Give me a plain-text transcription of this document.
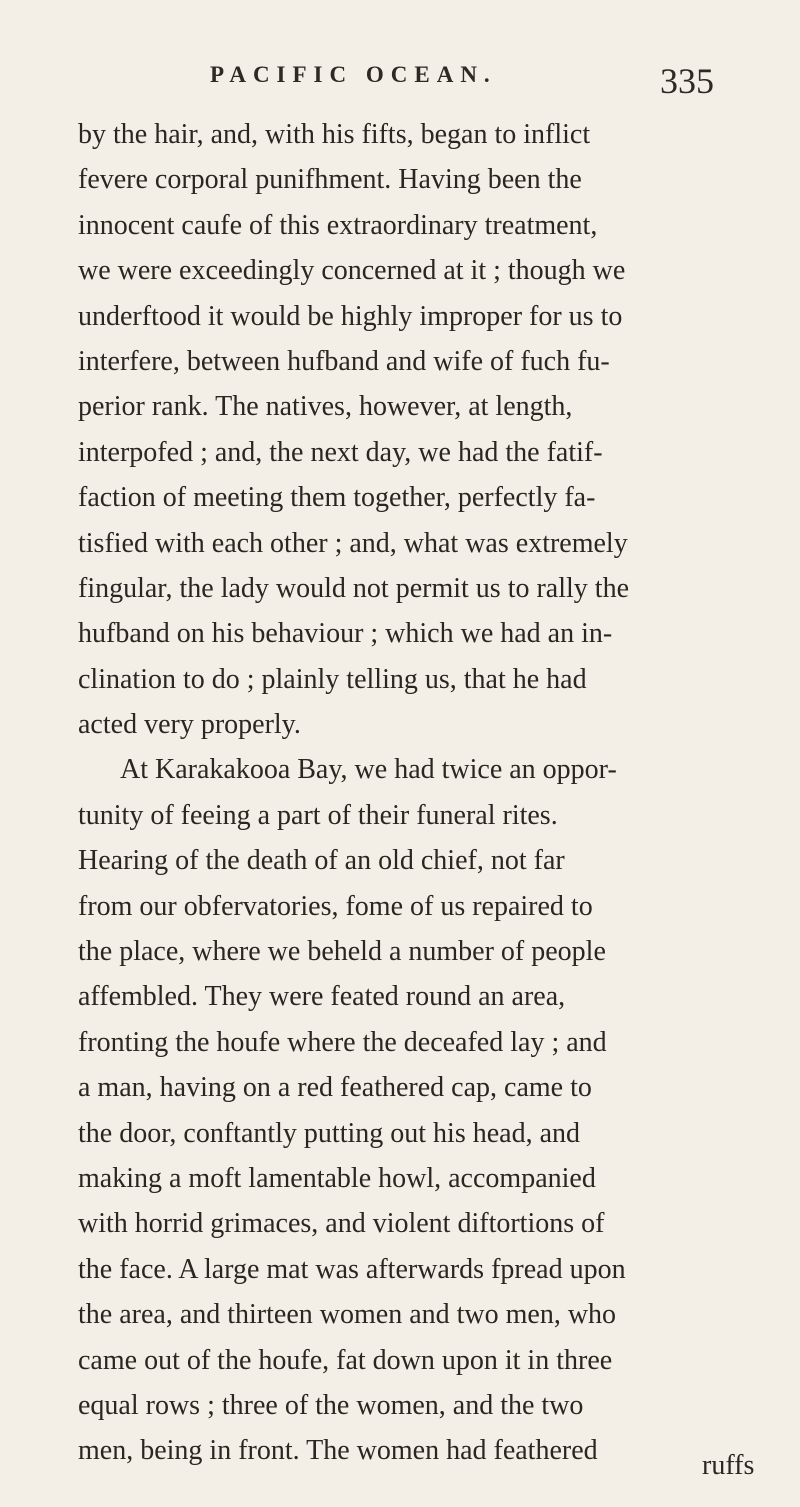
PACIFIC OCEAN.	335
by the hair, and, with his fifts, began to inflict
fevere corporal punifhment. Having been the
innocent caufe of this extraordinary treatment,
we were exceedingly concerned at it ; though we
underftood it would be highly improper for us to
interfere, between hufband and wife of fuch fu-
perior rank. The natives, however, at length,
interpofed ; and, the next day, we had the fatif-
faction of meeting them together, perfectly fa-
tisfied with each other ; and, what was extremely
fingular, the lady would not permit us to rally the
hufband on his behaviour ; which we had an in-
clination to do ; plainly telling us, that he had
acted very properly.
At Karakakooa Bay, we had twice an oppor-
tunity of feeing a part of their funeral rites.
Hearing of the death of an old chief, not far
from our obfervatories, fome of us repaired to
the place, where we beheld a number of people
affembled. They were feated round an area,
fronting the houfe where the deceafed lay ; and
a man, having on a red feathered cap, came to
the door, conftantly putting out his head, and
making a moft lamentable howl, accompanied
with horrid grimaces, and violent diftortions of
the face. A large mat was afterwards fpread upon
the area, and thirteen women and two men, who
came out of the houfe, fat down upon it in three
equal rows ; three of the women, and the two
men, being in front. The women had feathered	ruffs
